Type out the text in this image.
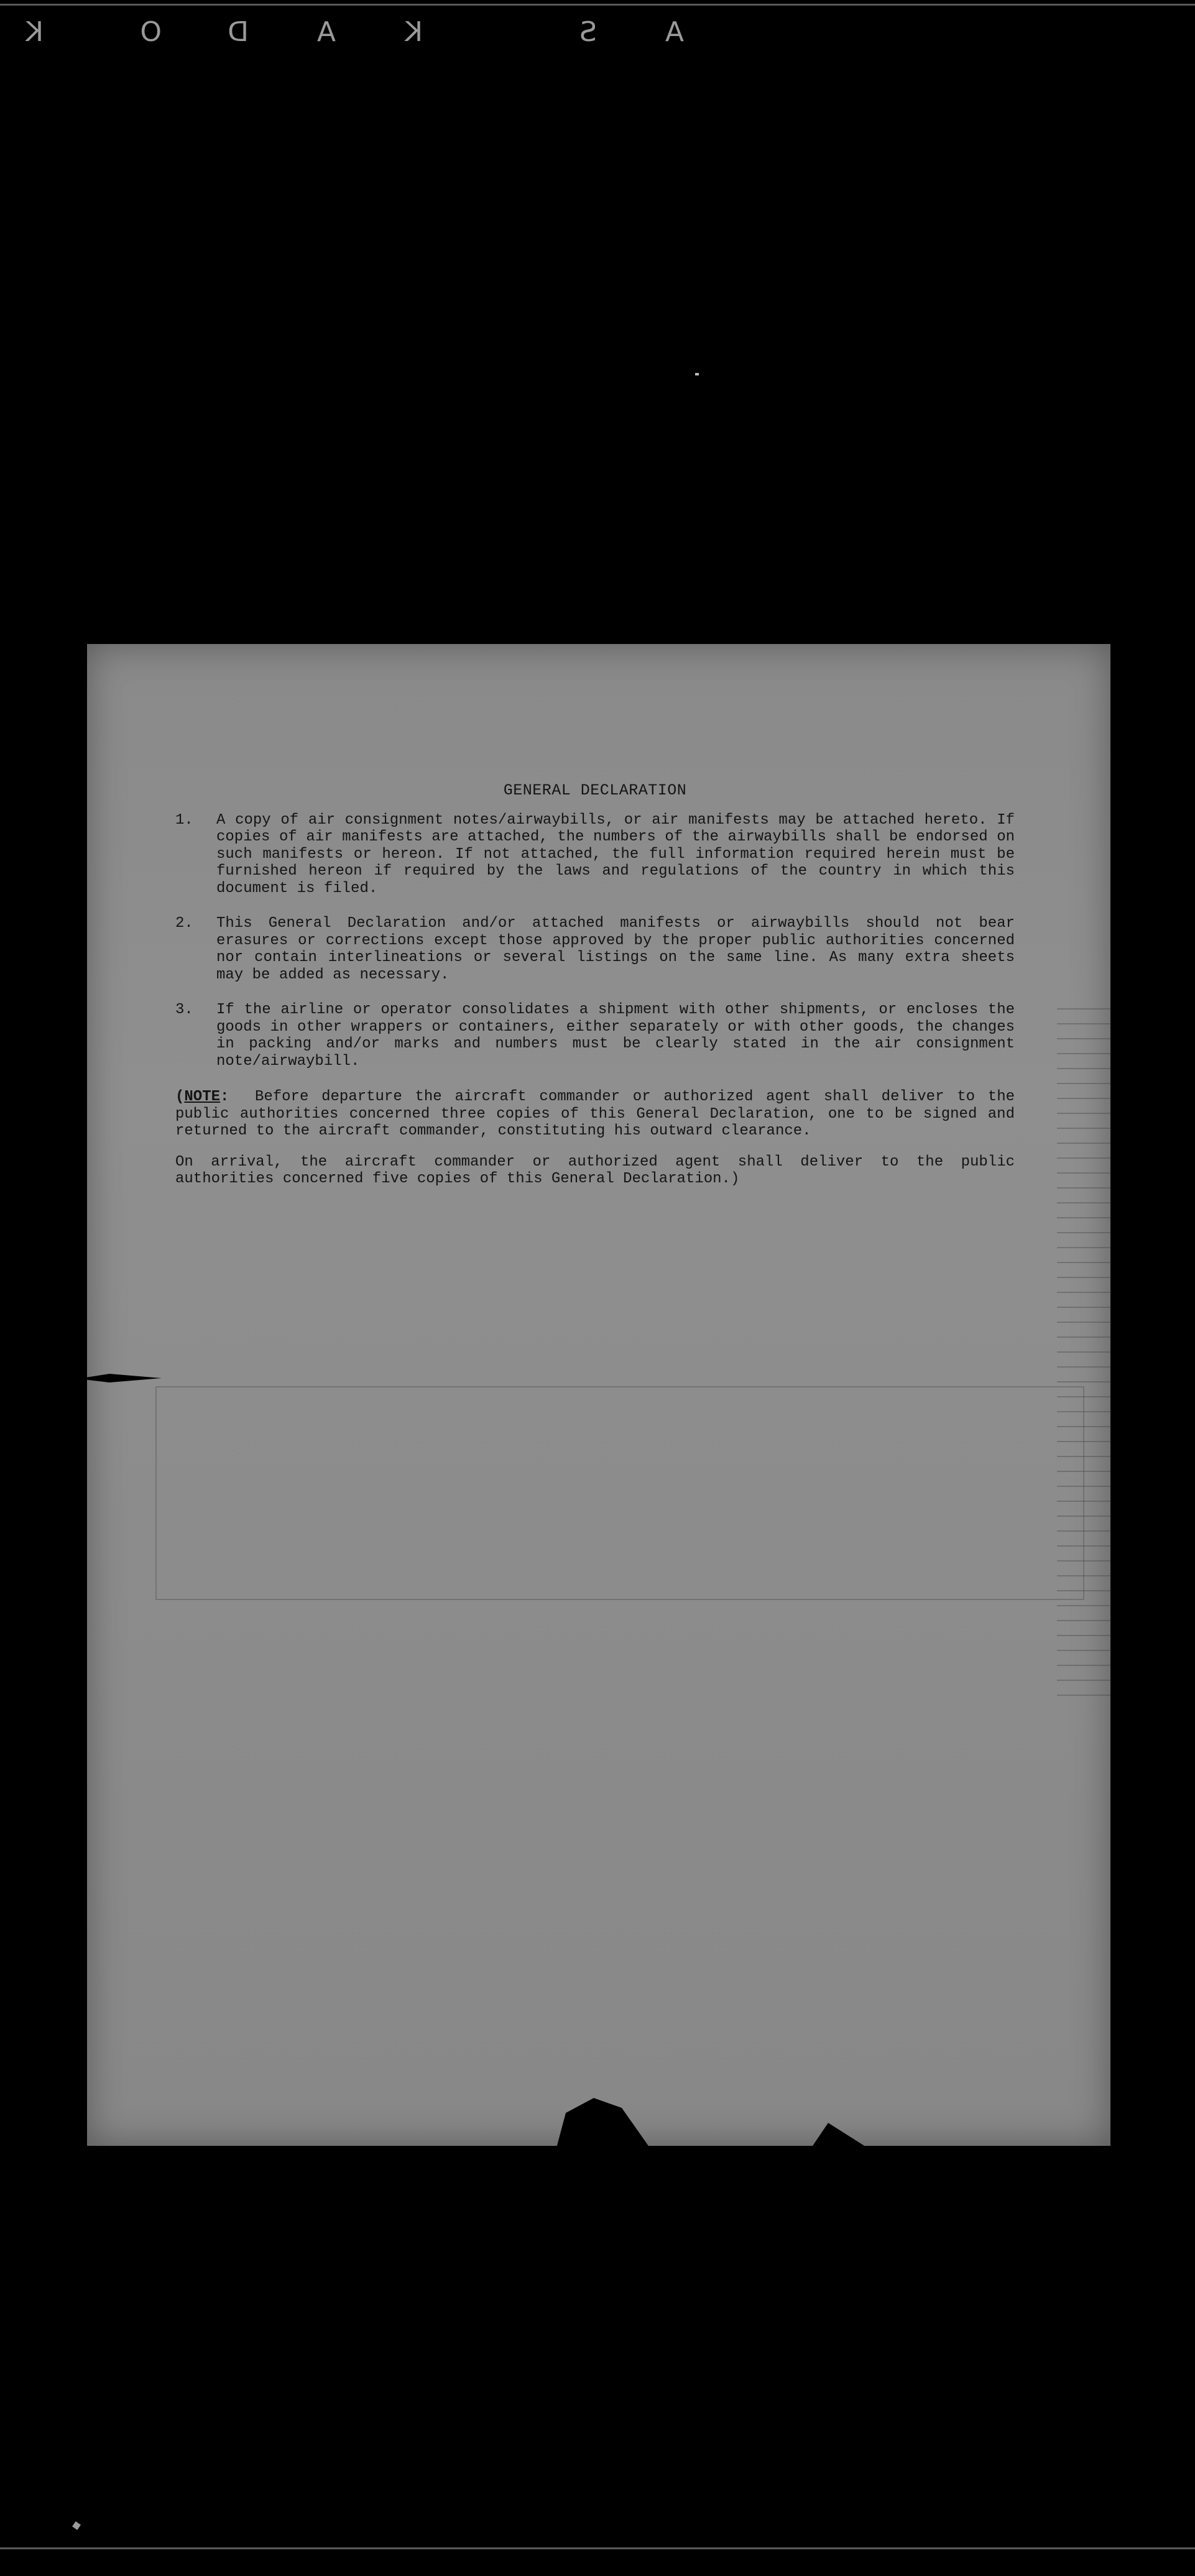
A
S
K
A
D
O
K
GENERAL DECLARATION
1.	A copy of air consignment notes/airwaybills, or air manifests may be attached hereto. If copies of air manifests are attached, the numbers of the airwaybills shall be endorsed on such manifests or hereon. If not attached, the full information required herein must be furnished hereon if required by the laws and regulations of the country in which this document is filed.
2.	This General Declaration and/or attached manifests or airwaybills should not bear erasures or corrections except those approved by the proper public authorities concerned nor contain interlineations or several listings on the same line. As many extra sheets may be added as necessary.
3.	If the airline or operator consolidates a shipment with other shipments, or encloses the goods in other wrappers or containers, either separately or with other goods, the changes in packing and/or marks and numbers must be clearly stated in the air consignment note/airwaybill.
(NOTE: Before departure the aircraft commander or authorized agent shall deliver to the public authorities concerned three copies of this General Declaration, one to be signed and returned to the aircraft commander, constituting his outward clearance.
On arrival, the aircraft commander or authorized agent shall deliver to the public authorities concerned five copies of this General Declaration.)
